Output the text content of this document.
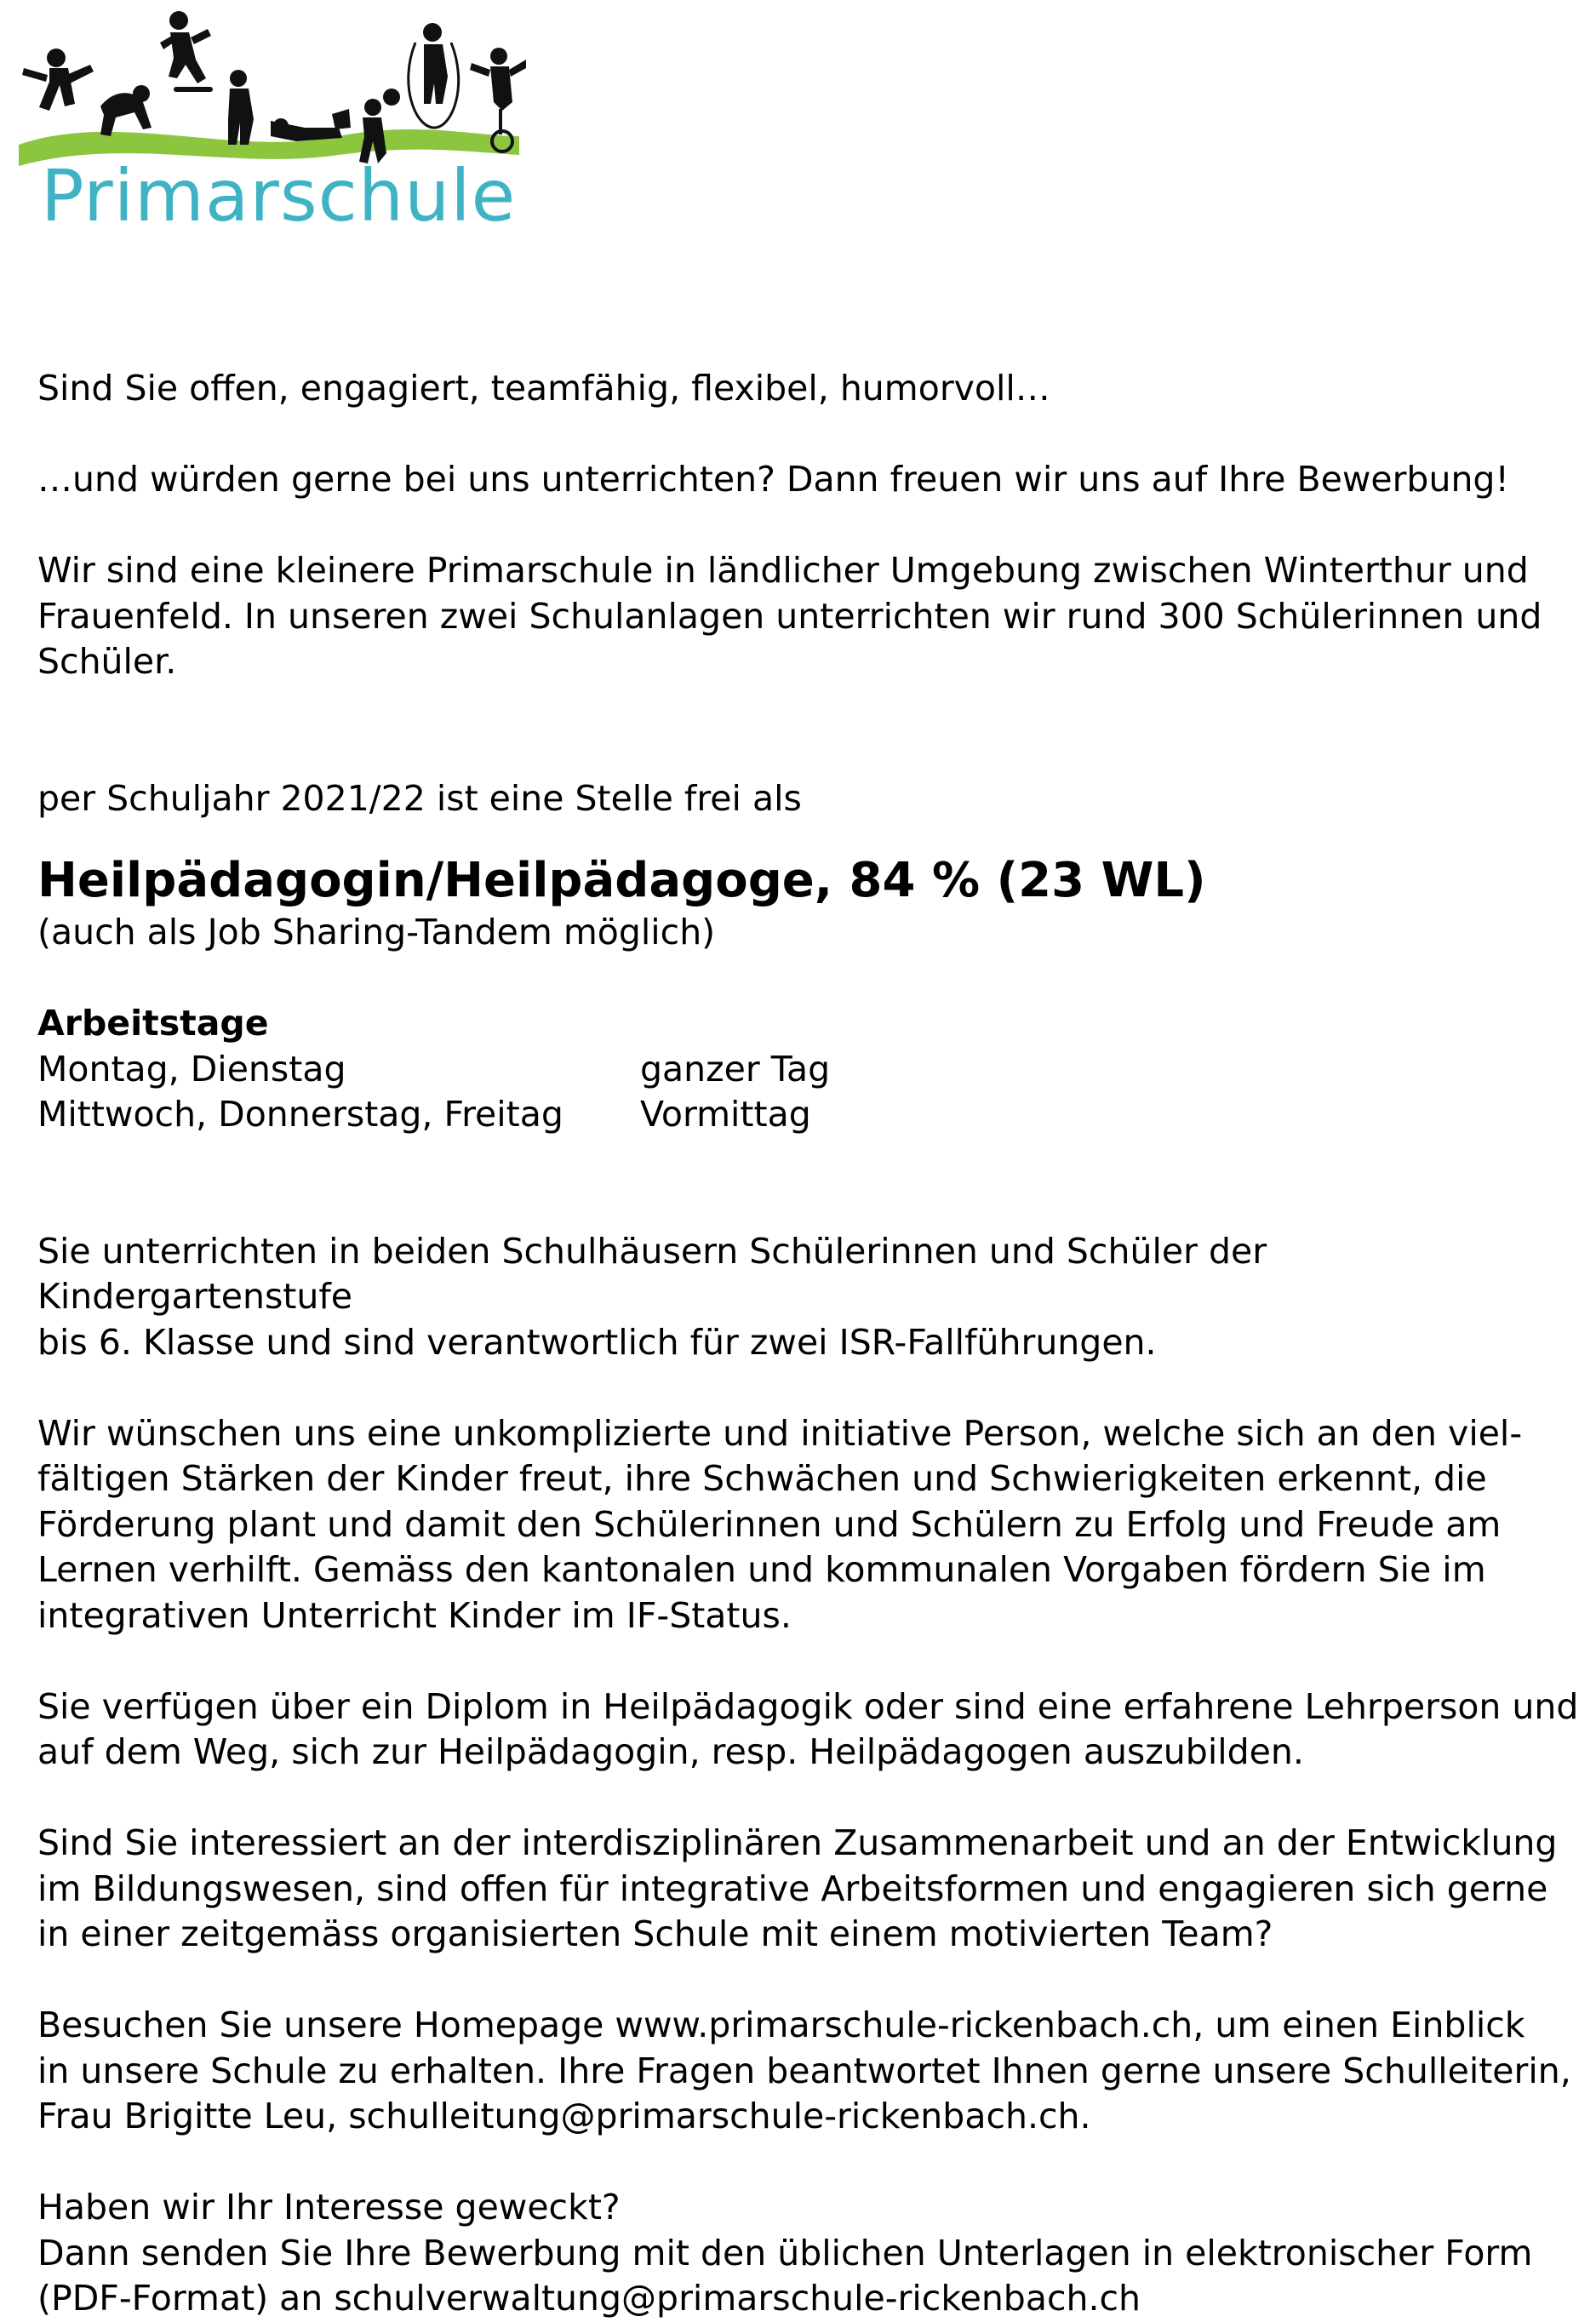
Primarschule

Sind Sie offen, engagiert, teamfähig, flexibel, humorvoll…

…und würden gerne bei uns unterrichten? Dann freuen wir uns auf Ihre Bewerbung!

Wir sind eine kleinere Primarschule in ländlicher Umgebung zwischen Winterthur und

Frauenfeld. In unseren zwei Schulanlagen unterrichten wir rund 300 Schülerinnen und

Schüler.

per Schuljahr 2021/22 ist eine Stelle frei als

Heilpädagogin/Heilpädagoge, 84 % (23 WL)

(auch als Job Sharing-Tandem möglich)

Arbeitstage
Montag, Dienstag	ganzer Tag
Mittwoch, Donnerstag, Freitag	Vormittag

Sie unterrichten in beiden Schulhäusern Schülerinnen und Schüler der Kindergartenstufe

bis 6. Klasse und sind verantwortlich für zwei ISR-Fallführungen.

Wir wünschen uns eine unkomplizierte und initiative Person, welche sich an den viel-

fältigen Stärken der Kinder freut, ihre Schwächen und Schwierigkeiten erkennt, die

Förderung plant und damit den Schülerinnen und Schülern zu Erfolg und Freude am

Lernen verhilft. Gemäss den kantonalen und kommunalen Vorgaben fördern Sie im

integrativen Unterricht Kinder im IF-Status.

Sie verfügen über ein Diplom in Heilpädagogik oder sind eine erfahrene Lehrperson und

auf dem Weg, sich zur Heilpädagogin, resp. Heilpädagogen auszubilden.

Sind Sie interessiert an der interdisziplinären Zusammenarbeit und an der Entwicklung

im Bildungswesen, sind offen für integrative Arbeitsformen und engagieren sich gerne

in einer zeitgemäss organisierten Schule mit einem motivierten Team?

Besuchen Sie unsere Homepage www.primarschule-rickenbach.ch, um einen Einblick

in unsere Schule zu erhalten. Ihre Fragen beantwortet Ihnen gerne unsere Schulleiterin,

Frau Brigitte Leu, schulleitung@primarschule-rickenbach.ch.

Haben wir Ihr Interesse geweckt?

Dann senden Sie Ihre Bewerbung mit den üblichen Unterlagen in elektronischer Form

(PDF-Format) an schulverwaltung@primarschule-rickenbach.ch
